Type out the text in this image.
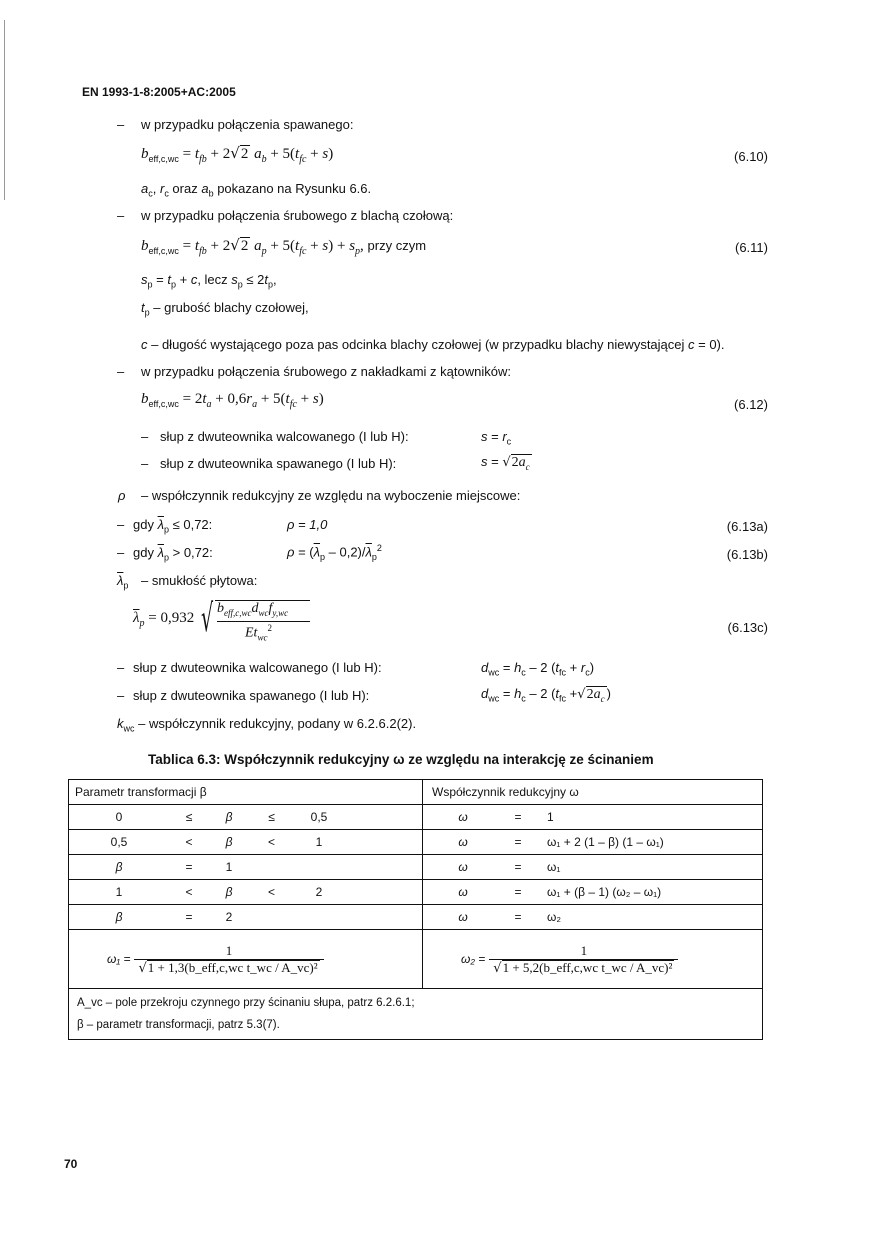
EN 1993-1-8:2005+AC:2005
– w przypadku połączenia spawanego:
$b_{eff,c,wc} = t_{fb} + 2√2$ $a_b + 5(t_{fc} + s)$	(6.10)
$a_c$, $r_c$ oraz $a_b$ pokazano na Rysunku 6.6.
– w przypadku połączenia śrubowego z blachą czołową:
$b_{eff,c,wc} = t_{fb} + 2√2$ $a_p + 5(t_{fc} + s) + s_p$, przy czym	(6.11)
$s_p = t_p + c$, lecz $s_p \le 2t_p$,
$t_p$ – grubość blachy czołowej,
c – długość wystającego poza pas odcinka blachy czołowej (w przypadku blachy niewystającej c = 0).
– w przypadku połączenia śrubowego z nakładkami z kątowników:
$b_{eff,c,wc} = 2t_a + 0,6r_a + 5(t_{fc} + s)$	(6.12)
– słup z dwuteownika walcowanego (I lub H):	$s = r_c$
– słup z dwuteownika spawanego (I lub H):	$s = √2a_c$
ρ – współczynnik redukcyjny ze względu na wyboczenie miejscowe:
– gdy $\overline{\lambda}_p \le 0,72$:	ρ = 1,0	(6.13a)
– gdy $\overline{\lambda}_p > 0,72$:	$\rho = (\overline{\lambda}_p - 0,2)/\overline{\lambda}_p^2$	(6.13b)
$\overline{\lambda}_p$ – smukłość płytowa:
$\overline{\lambda}_p = 0,932$ √ $b_{eff,c,wc}d_{wc}f_{y,wc}$
$Et_{wc}^2$	(6.13c)
– słup z dwuteownika walcowanego (I lub H):	$d_{wc} = h_c - 2$ $(t_{fc} + r_c)$
– słup z dwuteownika spawanego (I lub H):	$d_{wc} = h_c - 2$ ($t_{fc} +√2a_c$ )
$k_{wc}$ – współczynnik redukcyjny, podany w 6.2.6.2(2).
Tablica 6.3: Współczynnik redukcyjny ω ze względu na interakcję ze ścinaniem
Parametr transformacji β	Współczynnik redukcyjny ω

0 ≤ β ≤ 0,5	ω = 1

0,5 < β < 1	ω = ω₁ + 2 (1 – β) (1 – ω₁)

β = 1	ω = ω₁

1 < β < 2	ω = ω₁ + (β – 1) (ω₂ – ω₁)

β = 2	ω = ω₂

$\omega_1 = \frac{1}{\text{√1 + 1,3(b\_eff,c,wc t\_wc / A\_vc)²}}$	$\omega_2 = \frac{1}{\text{√1 + 5,2(b\_eff,c,wc t\_wc / A\_vc)²}}$

A_vc – pole przekroju czynnego przy ścinaniu słupa, patrz 6.2.6.1;
β – parametr transformacji, patrz 5.3(7).	
70
